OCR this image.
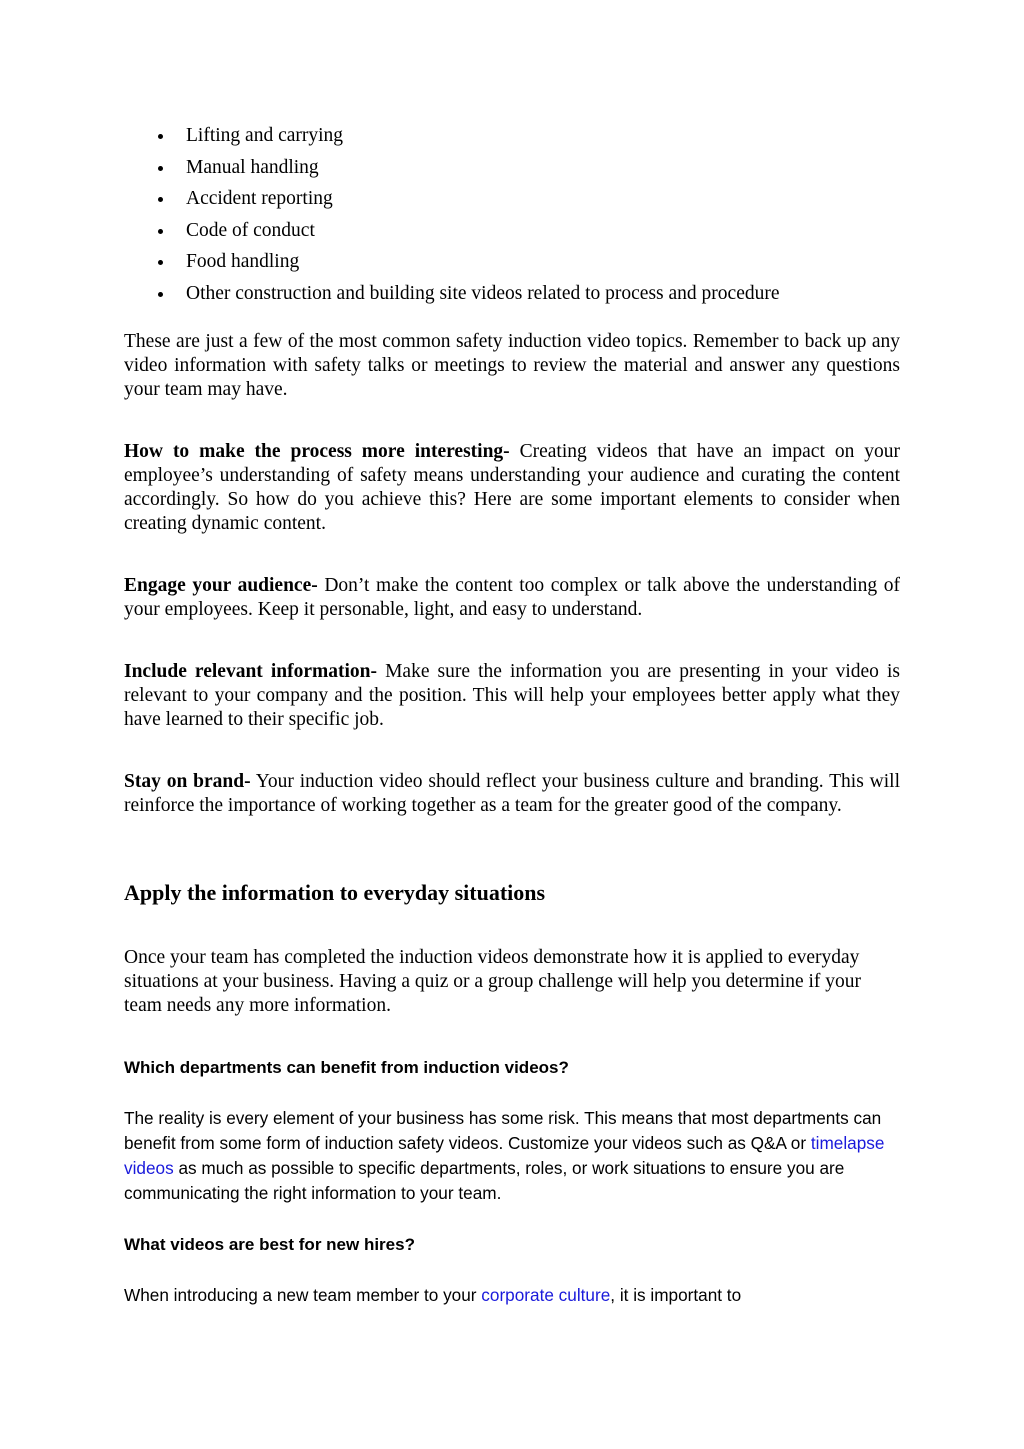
Lifting and carrying
Manual handling
Accident reporting
Code of conduct
Food handling
Other construction and building site videos related to process and procedure

These are just a few of the most common safety induction video topics. Remember to back up any video information with safety talks or meetings to review the material and answer any questions your team may have.

How to make the process more interesting- Creating videos that have an impact on your employee’s understanding of safety means understanding your audience and curating the content accordingly. So how do you achieve this? Here are some important elements to consider when creating dynamic content.

Engage your audience- Don’t make the content too complex or talk above the understanding of your employees. Keep it personable, light, and easy to understand.

Include relevant information- Make sure the information you are presenting in your video is relevant to your company and the position. This will help your employees better apply what they have learned to their specific job.

Stay on brand- Your induction video should reflect your business culture and branding. This will reinforce the importance of working together as a team for the greater good of the company.

Apply the information to everyday situations

Once your team has completed the induction videos demonstrate how it is applied to everyday situations at your business. Having a quiz or a group challenge will help you determine if your team needs any more information.

Which departments can benefit from induction videos?

The reality is every element of your business has some risk. This means that most departments can benefit from some form of induction safety videos. Customize your videos such as Q&A or timelapse videos as much as possible to specific departments, roles, or work situations to ensure you are communicating the right information to your team.

What videos are best for new hires?

When introducing a new team member to your corporate culture, it is important to
